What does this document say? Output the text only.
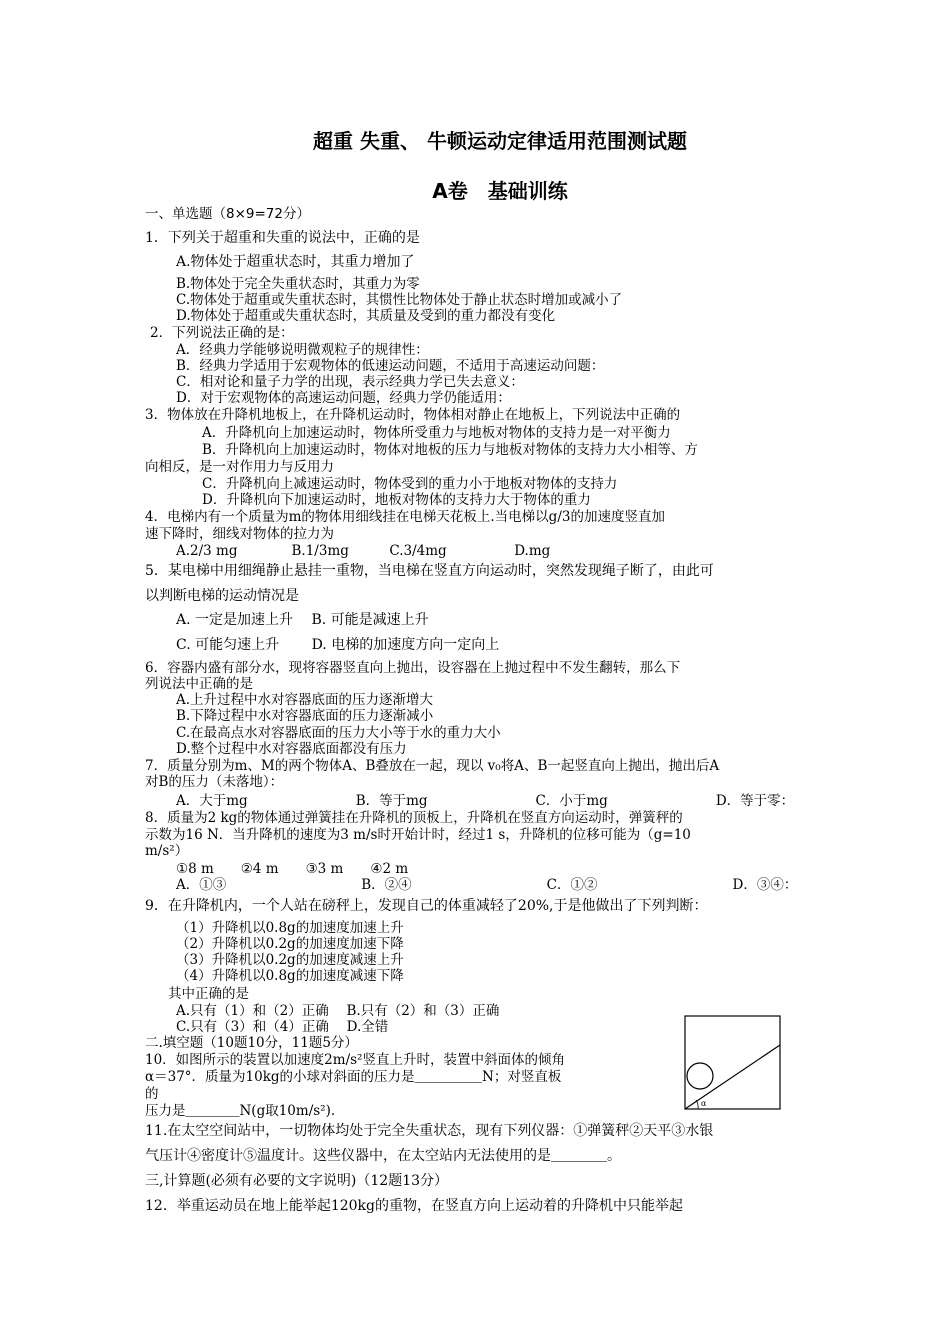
超重 失重、 牛顿运动定律适用范围测试题
A卷　基础训练
一、单选题（8×9=72分）
1．下列关于超重和失重的说法中，正确的是
A.物体处于超重状态时，其重力增加了
B.物体处于完全失重状态时，其重力为零
C.物体处于超重或失重状态时，其惯性比物体处于静止状态时增加或减小了
D.物体处于超重或失重状态时，其质量及受到的重力都没有变化
2．下列说法正确的是：
A．经典力学能够说明微观粒子的规律性：
B．经典力学适用于宏观物体的低速运动问题，不适用于高速运动问题：
C．相对论和量子力学的出现，表示经典力学已失去意义：
D．对于宏观物体的高速运动问题，经典力学仍能适用：
3．物体放在升降机地板上，在升降机运动时，物体相对静止在地板上，下列说法中正确的
A．升降机向上加速运动时，物体所受重力与地板对物体的支持力是一对平衡力
B．升降机向上加速运动时，物体对地板的压力与地板对物体的支持力大小相等、方
向相反，是一对作用力与反用力
C．升降机向上减速运动时，物体受到的重力小于地板对物体的支持力
D．升降机向下加速运动时，地板对物体的支持力大于物体的重力
4．电梯内有一个质量为m的物体用细线挂在电梯天花板上.当电梯以g/3的加速度竖直加
速下降时，细线对物体的拉力为
A.2/3 mg　　　　B.1/3mg　　　C.3/4mg　　　　　D.mg
5．某电梯中用细绳静止悬挂一重物，当电梯在竖直方向运动时，突然发现绳子断了，由此可
以判断电梯的运动情况是
A. 一定是加速上升　 B. 可能是减速上升
C. 可能匀速上升　　 D. 电梯的加速度方向一定向上
6．容器内盛有部分水，现将容器竖直向上抛出，设容器在上抛过程中不发生翻转，那么下
列说法中正确的是
A.上升过程中水对容器底面的压力逐渐增大
B.下降过程中水对容器底面的压力逐渐减小
C.在最高点水对容器底面的压力大小等于水的重力大小
D.整个过程中水对容器底面都没有压力
7．质量分别为m、M的两个物体A、B叠放在一起，现以 v₀将A、B一起竖直向上抛出，抛出后A
对B的压力（未落地）：
A．大于mg　　　　　　　　B．等于mg　　　　　　　　C．小于mg　　　　　　　　D．等于零：
8．质量为2 kg的物体通过弹簧挂在升降机的顶板上，升降机在竖直方向运动时，弹簧秤的
示数为16 N．当升降机的速度为3 m/s时开始计时，经过1 s，升降机的位移可能为（g=10
m/s²）
①8 m　　②4 m　　③3 m　　④2 m
A．①③　　　　　　　　　　B．②④　　　　　　　　　　C．①②　　　　　　　　　　D．③④：
9．在升降机内，一个人站在磅秤上，发现自己的体重减轻了20%,于是他做出了下列判断：
（1）升降机以0.8g的加速度加速上升
（2）升降机以0.2g的加速度加速下降
（3）升降机以0.2g的加速度减速上升
（4）升降机以0.8g的加速度减速下降
其中正确的是
A.只有（1）和（2）正确　 B.只有（2）和（3）正确
C.只有（3）和（4）正确　 D.全错
二.填空题（10题10分，11题5分）
10．如图所示的装置以加速度2m/s²竖直上升时，装置中斜面体的倾角
α＝37°．质量为10kg的小球对斜面的压力是＿＿＿＿＿N；对竖直板
的
压力是＿＿＿＿N(g取10m/s²).
11.在太空空间站中，一切物体均处于完全失重状态，现有下列仪器：①弹簧秤②天平③水银
气压计④密度计⑤温度计。这些仪器中，在太空站内无法使用的是＿＿＿＿。
三,计算题(必须有必要的文字说明)（12题13分）
12．举重运动员在地上能举起120kg的重物，在竖直方向上运动着的升降机中只能举起
α
